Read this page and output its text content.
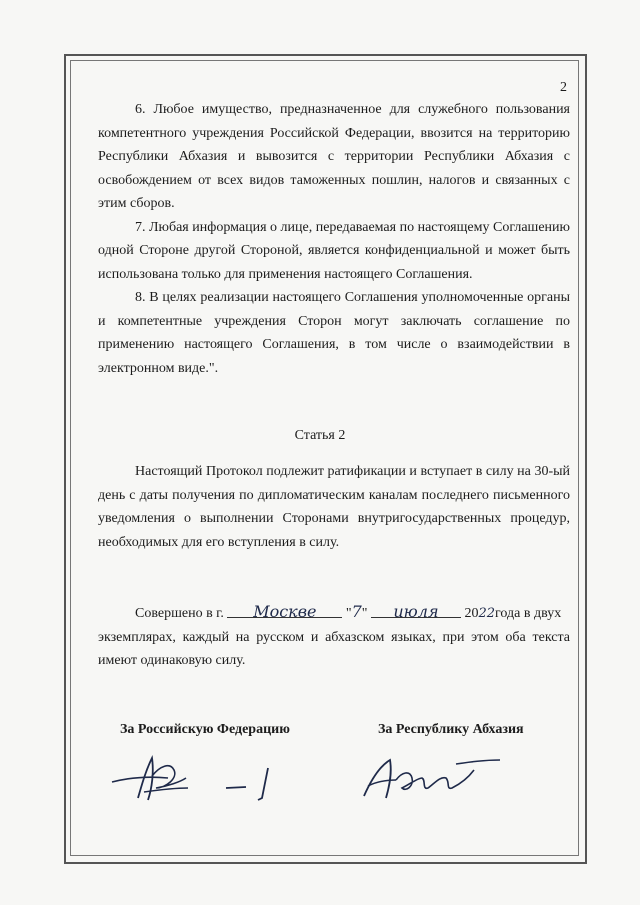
2

6. Любое имущество, предназначенное для служебного пользования компетентного учреждения Российской Федерации, ввозится на территорию Республики Абхазия и вывозится с территории Республики Абхазия с освобождением от всех видов таможенных пошлин, налогов и связанных с этим сборов.

7. Любая информация о лице, передаваемая по настоящему Соглашению одной Стороне другой Стороной, является конфиденциальной и может быть использована только для применения настоящего Соглашения.

8. В целях реализации настоящего Соглашения уполномоченные органы и компетентные учреждения Сторон могут заключать соглашение по применению настоящего Соглашения, в том числе о взаимодействии в электронном виде.".

Статья 2

Настоящий Протокол подлежит ратификации и вступает в силу на 30-ый день с даты получения по дипломатическим каналам последнего письменного уведомления о выполнении Сторонами внутригосударственных процедур, необходимых для его вступления в силу.

Совершено в г. Москве "7" июля 2022года в двух
экземплярах, каждый на русском и абхазском языках, при этом оба текста имеют одинаковую силу.
За Российскую Федерацию	За Республику Абхазия
